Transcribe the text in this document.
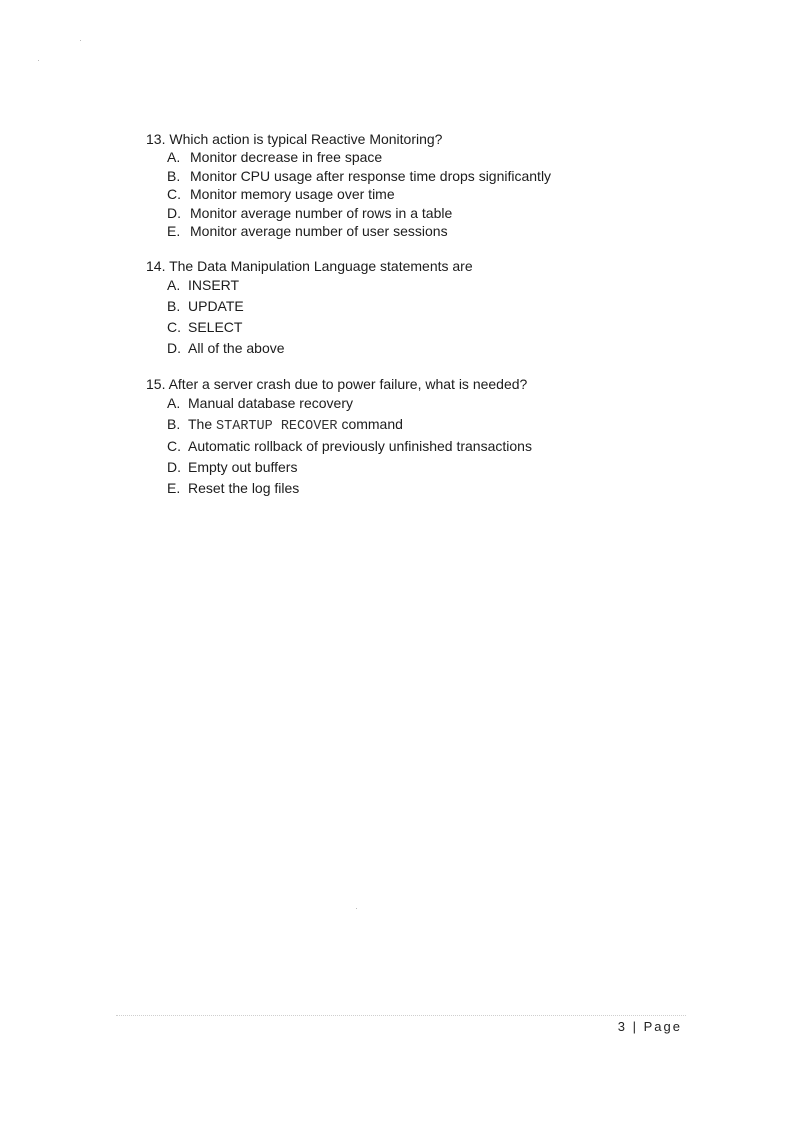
13. Which action is typical Reactive Monitoring?
A. Monitor decrease in free space
B. Monitor CPU usage after response time drops significantly
C. Monitor memory usage over time
D. Monitor average number of rows in a table
E. Monitor average number of user sessions
14. The Data Manipulation Language statements are
A. INSERT
B. UPDATE
C. SELECT
D. All of the above
15. After a server crash due to power failure, what is needed?
A. Manual database recovery
B. The STARTUP RECOVER command
C. Automatic rollback of previously unfinished transactions
D. Empty out buffers
E. Reset the log files
3 | Page
